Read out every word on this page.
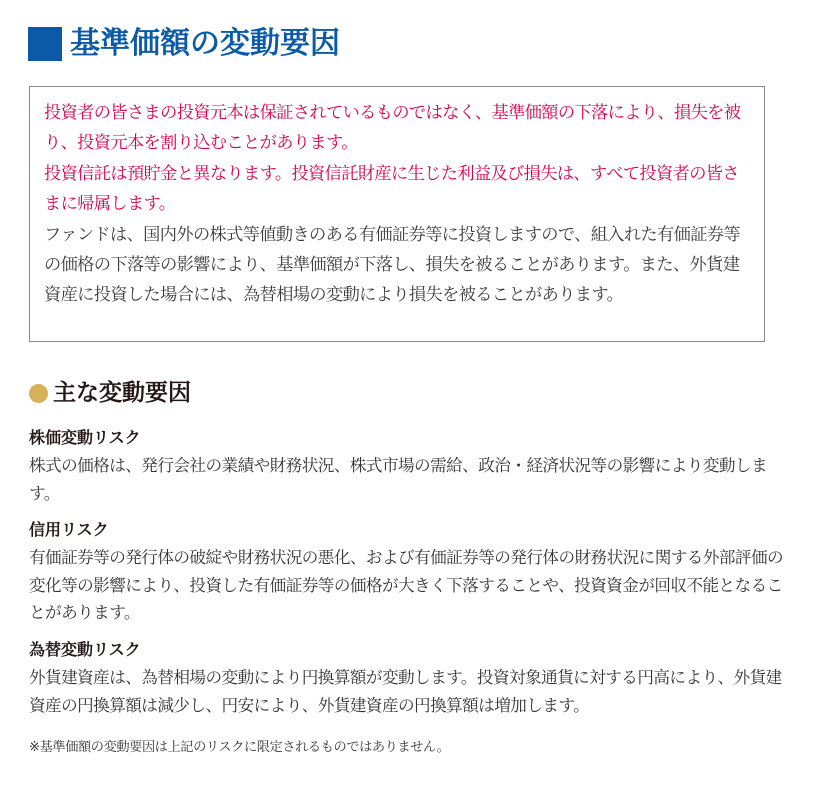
基準価額の変動要因

投資者の皆さまの投資元本は保証されているものではなく、基準価額の下落により、損失を被り、投資元本を割り込むことがあります。

投資信託は預貯金と異なります。投資信託財産に生じた利益及び損失は、すべて投資者の皆さまに帰属します。

ファンドは、国内外の株式等値動きのある有価証券等に投資しますので、組入れた有価証券等の価格の下落等の影響により、基準価額が下落し、損失を被ることがあります。また、外貨建資産に投資した場合には、為替相場の変動により損失を被ることがあります。

主な変動要因

株価変動リスク

株式の価格は、発行会社の業績や財務状況、株式市場の需給、政治・経済状況等の影響により変動します。

信用リスク

有価証券等の発行体の破綻や財務状況の悪化、および有価証券等の発行体の財務状況に関する外部評価の変化等の影響により、投資した有価証券等の価格が大きく下落することや、投資資金が回収不能となることがあります。

為替変動リスク

外貨建資産は、為替相場の変動により円換算額が変動します。投資対象通貨に対する円高により、外貨建資産の円換算額は減少し、円安により、外貨建資産の円換算額は増加します。

※基準価額の変動要因は上記のリスクに限定されるものではありません。
